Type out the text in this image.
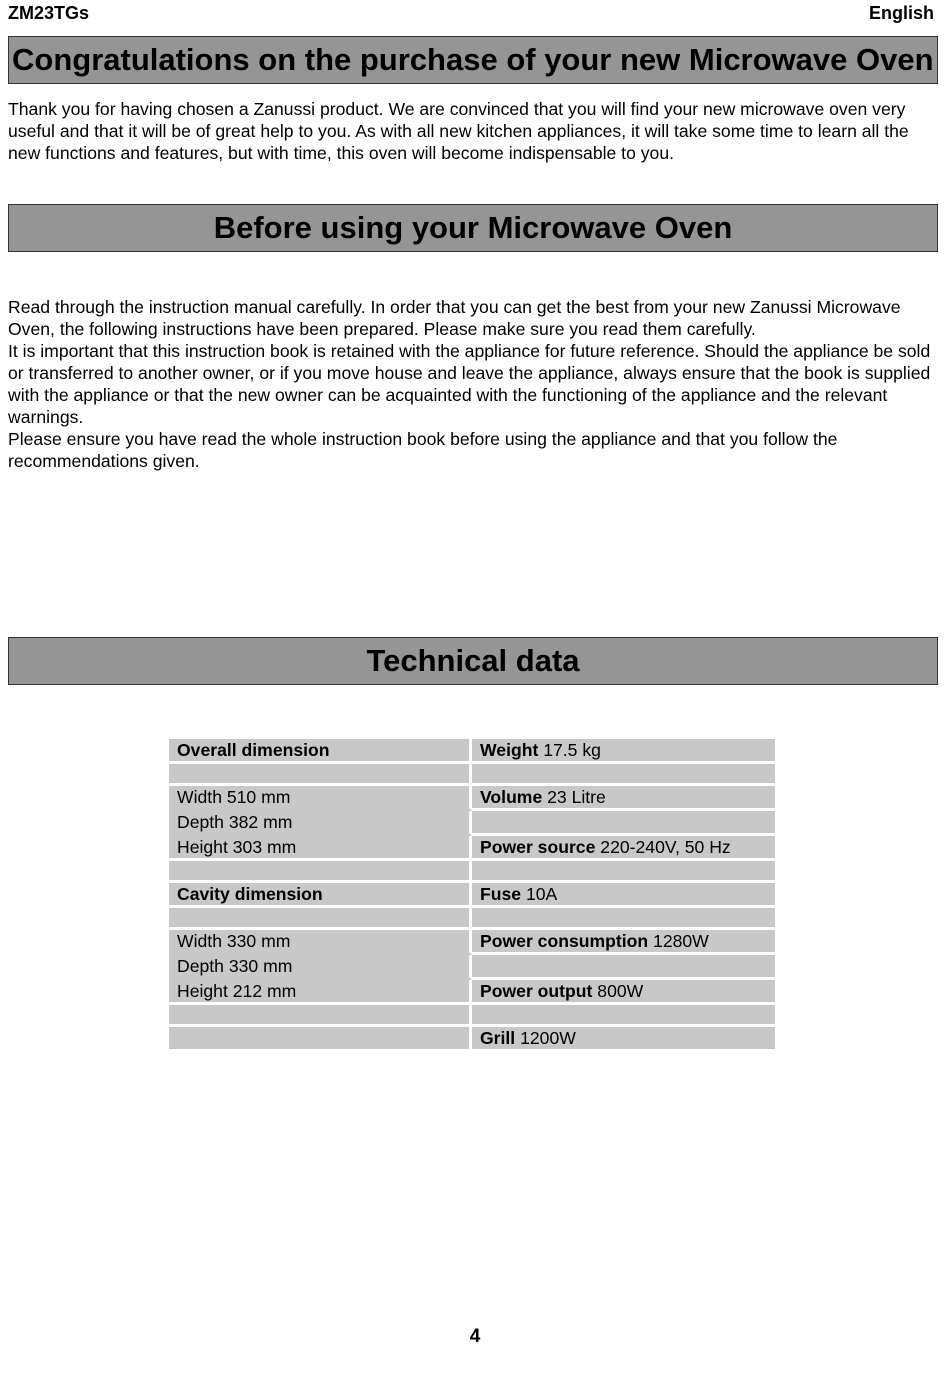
ZM23TGs	English
Congratulations on the purchase of your new Microwave Oven
Thank you for having chosen a Zanussi product. We are convinced that you will find your new microwave oven very useful and that it will be of great help to you. As with all new kitchen appliances, it will take some time to learn all the new functions and features, but with time, this oven will become indispensable to you.
Before using your Microwave Oven

Read through the instruction manual carefully. In order that you can get the best from your new Zanussi Microwave Oven, the following instructions have been prepared. Please make sure you read them carefully.

It is important that this instruction book is retained with the appliance for future reference. Should the appliance be sold or transferred to another owner, or if you move house and leave the appliance, always ensure that the book is supplied with the appliance or that the new owner can be acquainted with the functioning of the appliance and the relevant warnings.

Please ensure you have read the whole instruction book before using the appliance and that you follow the recommendations given.

Technical data
Overall dimension	Weight 17.5 kg

Width 510 mm	Volume 23 Litre
Depth 382 mm	
Height 303 mm	Power source 220-240V, 50 Hz

Cavity dimension	Fuse 10A

Width 330 mm	Power consumption 1280W
Depth 330 mm	
Height 212 mm	Power output 800W

	Grill 1200W
4
